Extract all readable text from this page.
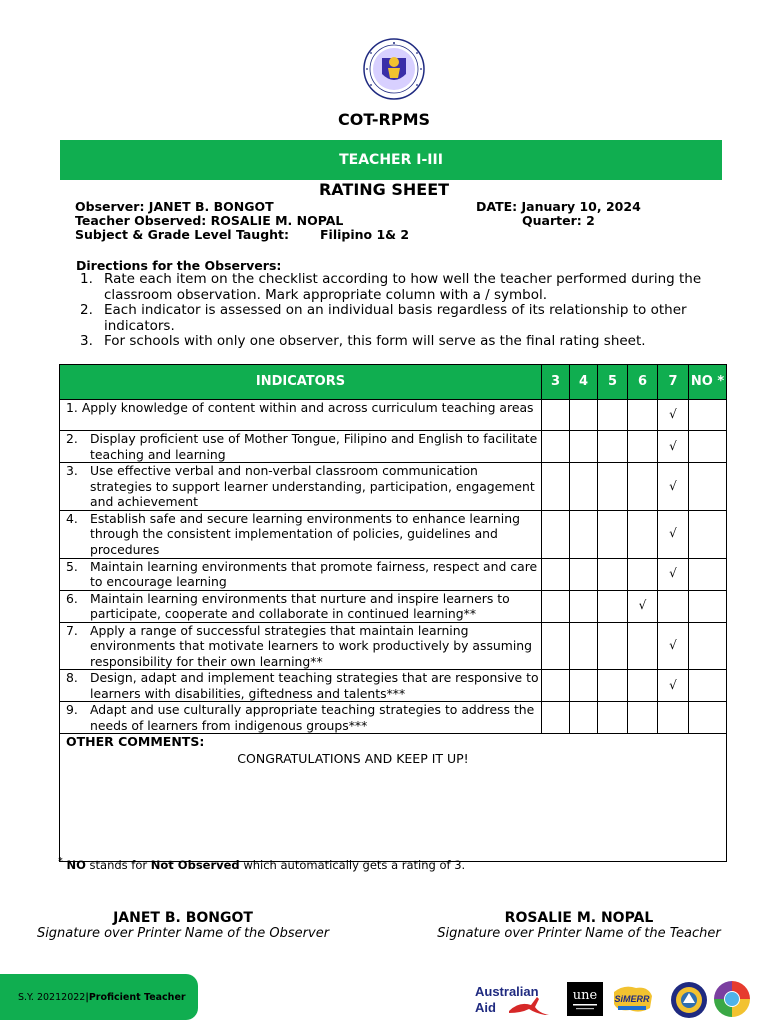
COT-RPMS
TEACHER I-III
RATING SHEET
Observer: JANET B. BONGOT
Teacher Observed: ROSALIE M. NOPAL
Subject & Grade Level Taught: Filipino 1& 2
DATE: January 10, 2024
Quarter: 2
Directions for the Observers:
1. Rate each item on the checklist according to how well the teacher performed during the classroom observation. Mark appropriate column with a / symbol.
2. Each indicator is assessed on an individual basis regardless of its relationship to other indicators.
3. For schools with only one observer, this form will serve as the final rating sheet.
INDICATORS	3	4	5	6	7	NO *

1. Apply knowledge of content within and across curriculum teaching areas					√	

2. Display proficient use of Mother Tongue, Filipino and English to facilitate teaching and learning					√	

3. Use effective verbal and non-verbal classroom communication strategies to support learner understanding, participation, engagement and achievement					√	

4. Establish safe and secure learning environments to enhance learning through the consistent implementation of policies, guidelines and procedures					√	

5. Maintain learning environments that promote fairness, respect and care to encourage learning					√	

6. Maintain learning environments that nurture and inspire learners to participate, cooperate and collaborate in continued learning**				√		

7. Apply a range of successful strategies that maintain learning environments that motivate learners to work productively by assuming responsibility for their own learning**					√	

8. Design, adapt and implement teaching strategies that are responsive to learners with disabilities, giftedness and talents***					√	

9. Adapt and use culturally appropriate teaching strategies to address the needs of learners from indigenous groups***						

OTHER COMMENTS:
CONGRATULATIONS AND KEEP IT UP!						
* NO stands for Not Observed which automatically gets a rating of 3.
JANET B. BONGOT
Signature over Printer Name of the Observer
ROSALIE M. NOPAL
Signature over Printer Name of the Teacher
S.Y. 20212022 | Proficient Teacher	Australian
Aid
une SiMERR
